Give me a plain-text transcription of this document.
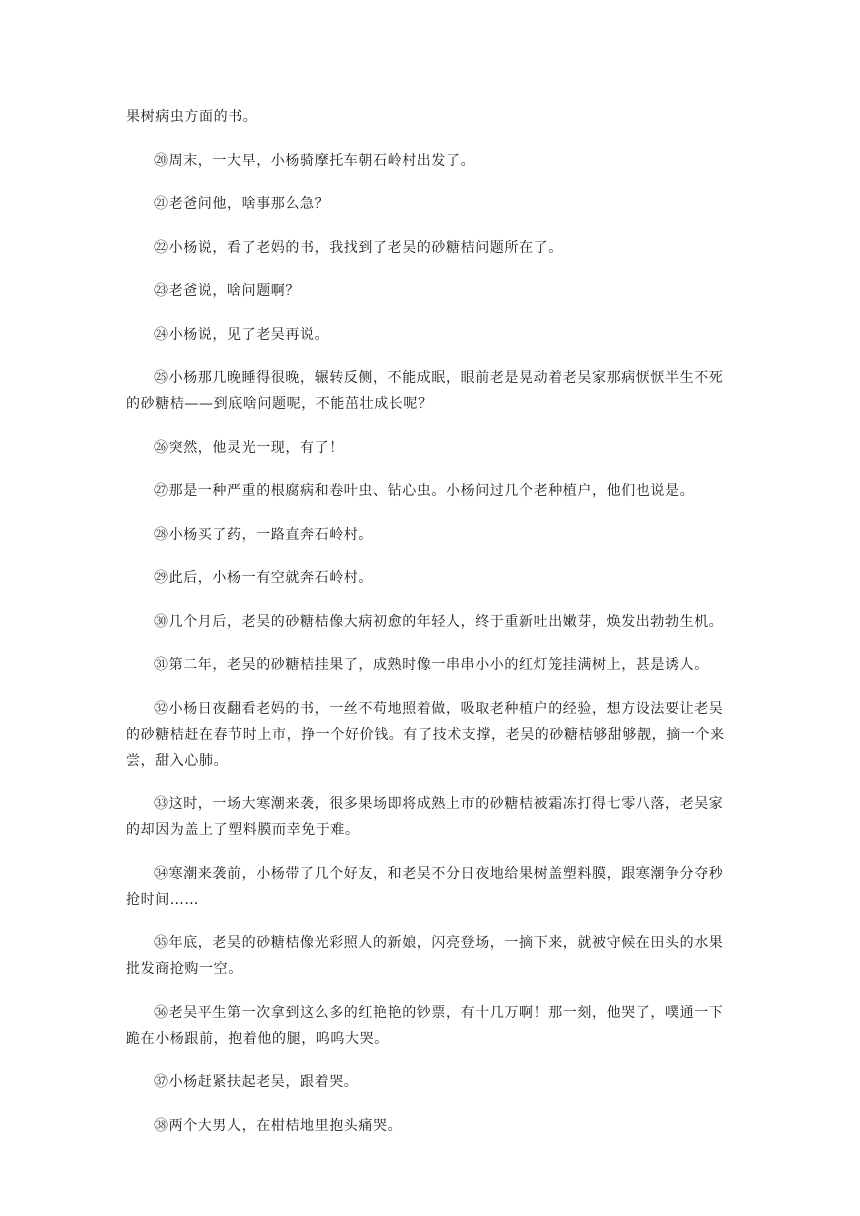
果树病虫方面的书。

⑳周末，一大早，小杨骑摩托车朝石岭村出发了。

㉑老爸问他，啥事那么急？

㉒小杨说，看了老妈的书，我找到了老吴的砂糖桔问题所在了。

㉓老爸说，啥问题啊？

㉔小杨说，见了老吴再说。

㉕小杨那几晚睡得很晚，辗转反侧，不能成眠，眼前老是晃动着老吴家那病恹恹半生不死的砂糖桔——到底啥问题呢，不能茁壮成长呢？

㉖突然，他灵光一现，有了！

㉗那是一种严重的根腐病和卷叶虫、钻心虫。小杨问过几个老种植户，他们也说是。

㉘小杨买了药，一路直奔石岭村。

㉙此后，小杨一有空就奔石岭村。

㉚几个月后，老吴的砂糖桔像大病初愈的年轻人，终于重新吐出嫩芽，焕发出勃勃生机。

㉛第二年，老吴的砂糖桔挂果了，成熟时像一串串小小的红灯笼挂满树上，甚是诱人。

㉜小杨日夜翻看老妈的书，一丝不苟地照着做，吸取老种植户的经验，想方设法要让老吴的砂糖桔赶在春节时上市，挣一个好价钱。有了技术支撑，老吴的砂糖桔够甜够靓，摘一个来尝，甜入心肺。

㉝这时，一场大寒潮来袭，很多果场即将成熟上市的砂糖桔被霜冻打得七零八落，老吴家的却因为盖上了塑料膜而幸免于难。

㉞寒潮来袭前，小杨带了几个好友，和老吴不分日夜地给果树盖塑料膜，跟寒潮争分夺秒抢时间……

㉟年底，老吴的砂糖桔像光彩照人的新娘，闪亮登场，一摘下来，就被守候在田头的水果批发商抢购一空。

㊱老吴平生第一次拿到这么多的红艳艳的钞票，有十几万啊！那一刻，他哭了，噗通一下跪在小杨跟前，抱着他的腿，呜呜大哭。

㊲小杨赶紧扶起老吴，跟着哭。

㊳两个大男人，在柑桔地里抱头痛哭。
